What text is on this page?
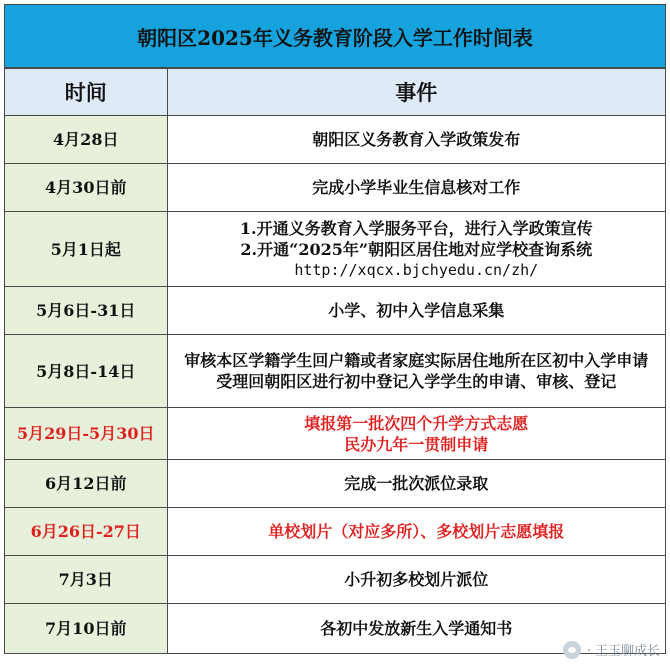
朝阳区2025年义务教育阶段入学工作时间表
时间	事件
4月28日	朝阳区义务教育入学政策发布

4月30日前	完成小学毕业生信息核对工作

5月1日起	1.开通义务教育入学服务平台，进行入学政策宣传
2.开通“2025年”朝阳区居住地对应学校查询系统
http://xqcx.bjchyedu.cn/zh/

5月6日-31日	小学、初中入学信息采集

5月8日-14日	审核本区学籍学生回户籍或者家庭实际居住地所在区初中入学申请
受理回朝阳区进行初中登记入学学生的申请、审核、登记

5月29日-5月30日	填报第一批次四个升学方式志愿
民办九年一贯制申请

6月12日前	完成一批次派位录取

6月26日-27日	单校划片（对应多所）、多校划片志愿填报

7月3日	小升初多校划片派位

7月10日前	各初中发放新生入学通知书
· 王玉聊成长
